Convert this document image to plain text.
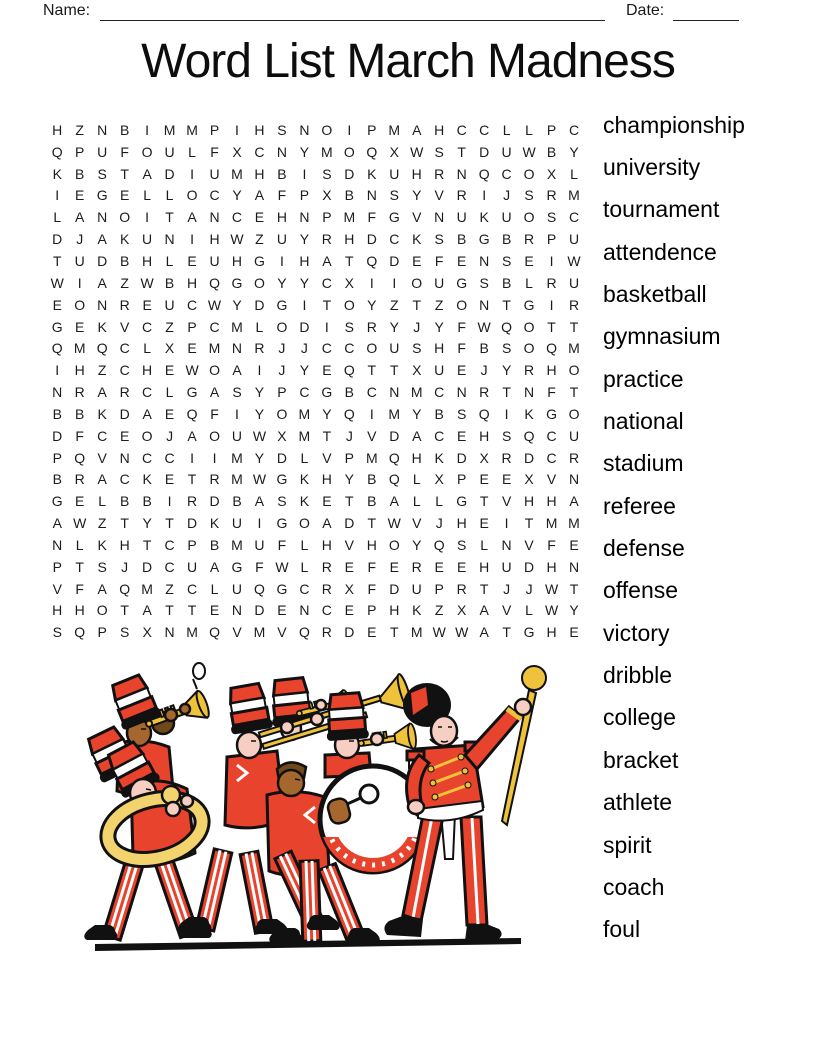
Name:	Date:
Word List March Madness
H Z N B	I	M M P	I	H S N O	I	P M A H C C L	L P C
Q P U F O U L	F X C N Y M O Q X W S T D U W B Y
K B S T A D	I	U M H B	I	S D K U H R N Q C O X L
I	E G E L	L O C Y A F P X B N S Y V R	I	J	S R M
L A N O	I	T A N C E H N P M F G V N U K U O S C
D J	A K U N	I	H W Z U Y R H D C K S B G B R P U
T U D B H L E U H G	I	H A T Q D E F E N S E	I W
W I	A Z W B H Q G O Y Y C X	I	I	O U G S B L R U
E O N R E U C W Y D G	I	T O Y Z T Z O N T G	I	R
G E K V C Z P C M L O D	I	S R Y	J	Y F W Q O T T
Q M Q C L X E M N R J	J C C O U S H F B S O Q M
I	H Z C H E W O A	I	J	Y E Q T T X U E	J	Y R H O
N R A R C L G A S Y P C G B C N M C N R T N F T
B B K D A E Q F	I	Y O M Y Q	I	M Y B S Q	I	K G O
D F C E O J	A O U W X M T	J	V D A C E H S Q C U
P Q V N C C	I	I	M Y D L V P M Q H K D X R D C R
B R A C K E T R M W G K H Y B Q L X P E E X V N
G E L B B	I	R D B A S K E T B A L	L G T V H H A
A W Z T Y T D K U	I	G O A D T W V	J H E	I	T M M
N L K H T C P B M U F	L H V H O Y Q S L N V F E
P T S	J D C U A G F W L R E F E R E E H U D H N
V F A Q M Z C L U Q G C R X F D U P R T	J	J W T
H H O T A T T E N D E N C E P H K Z X A V L W Y
S Q P S X N M Q V M V Q R D E T M W W A T G H E
championship
university
tournament
attendence
basketball
gymnasium
practice
national
stadium
referee
defense
offense
victory
dribble
college
bracket
athlete
spirit
coach
foul
